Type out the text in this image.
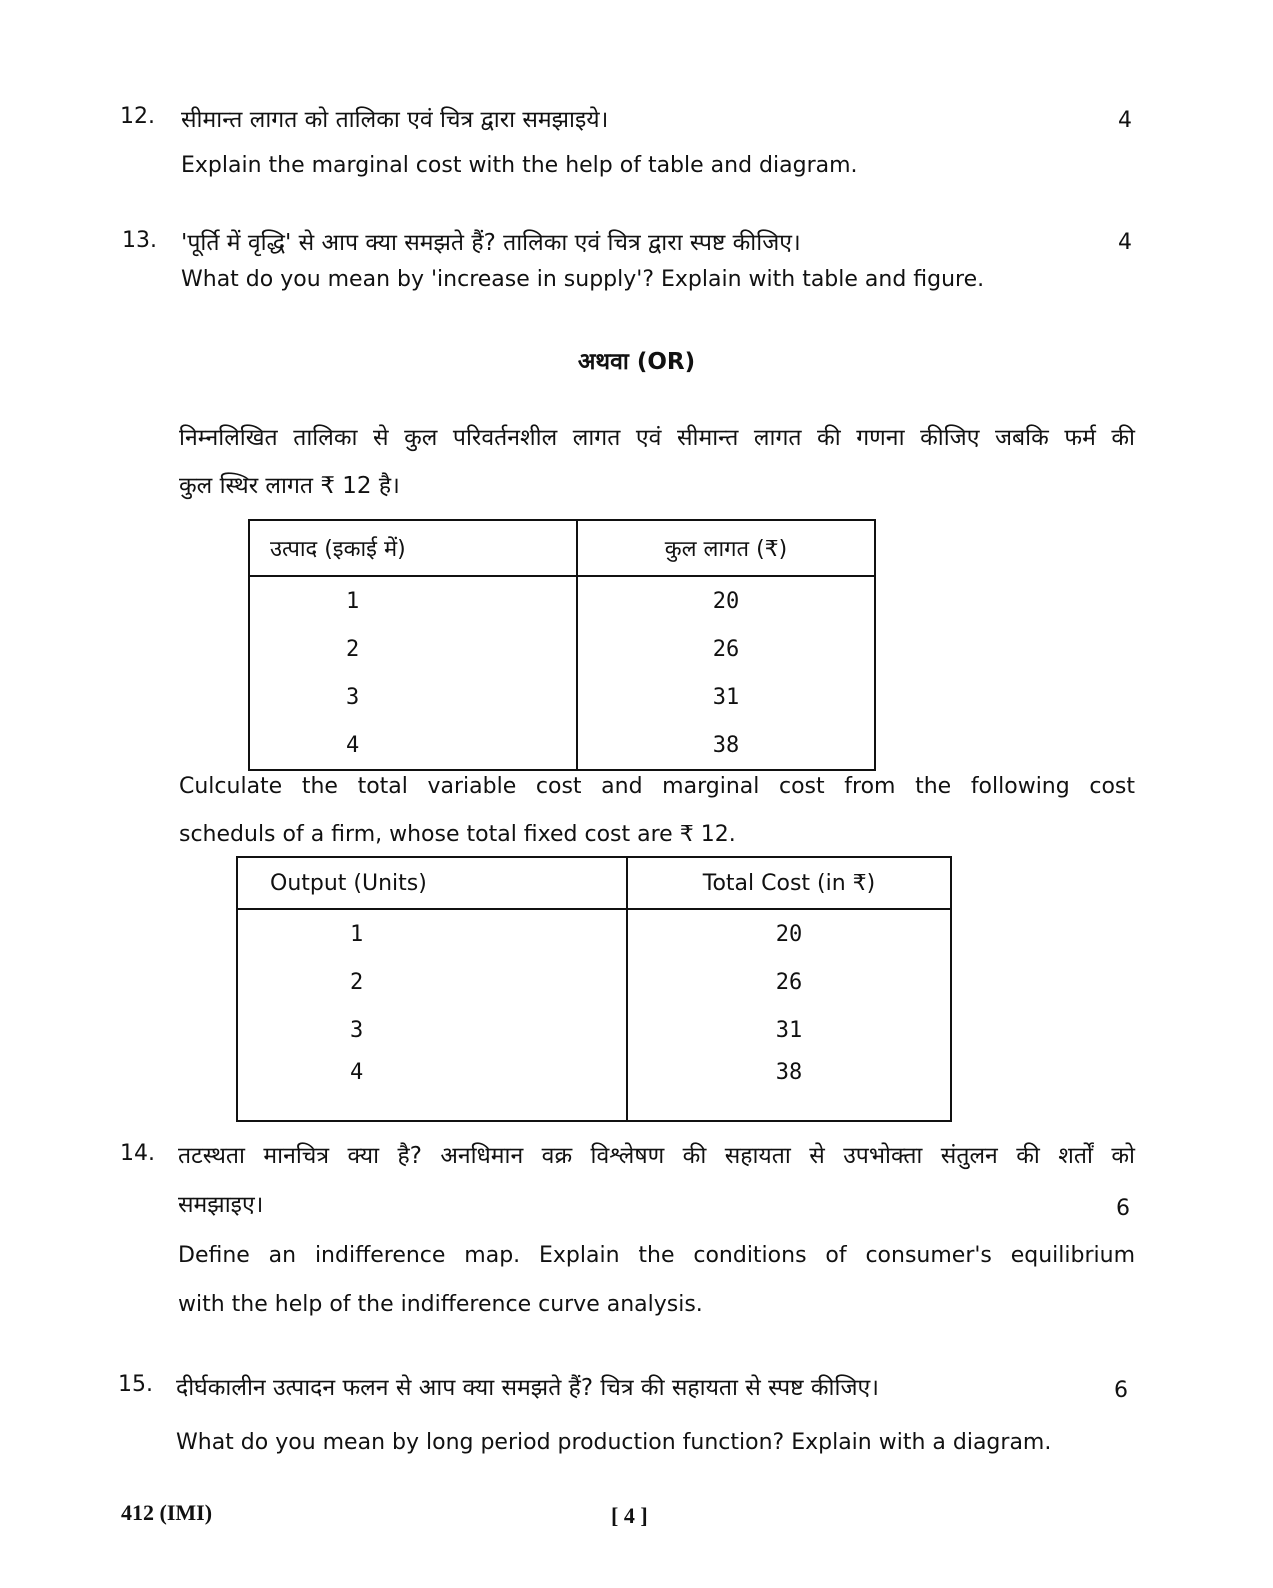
12. सीमान्त लागत को तालिका एवं चित्र द्वारा समझाइये।	4
Explain the marginal cost with the help of table and diagram.
13. 'पूर्ति में वृद्धि' से आप क्या समझते हैं? तालिका एवं चित्र द्वारा स्पष्ट कीजिए।	4
What do you mean by 'increase in supply'? Explain with table and figure.
अथवा (OR)
निम्नलिखित तालिका से कुल परिवर्तनशील लागत एवं सीमान्त लागत की गणना कीजिए जबकि फर्म की
कुल स्थिर लागत ₹ 12 है।
उत्पाद (इकाई में)	कुल लागत (₹)
1	20
2	26
3	31
4	38
Culculate the total variable cost and marginal cost from the following cost
scheduls of a firm, whose total fixed cost are ₹ 12.
Output (Units)	Total Cost (in ₹)
1	20
2	26
3	31
4	38
14. तटस्थता मानचित्र क्या है? अनधिमान वक्र विश्लेषण की सहायता से उपभोक्ता संतुलन की शर्तों को
समझाइए।	6
Define an indifference map. Explain the conditions of consumer's equilibrium
with the help of the indifference curve analysis.
15. दीर्घकालीन उत्पादन फलन से आप क्या समझते हैं? चित्र की सहायता से स्पष्ट कीजिए।	6
What do you mean by long period production function? Explain with a diagram.
412 (IMI)	[ 4 ]
